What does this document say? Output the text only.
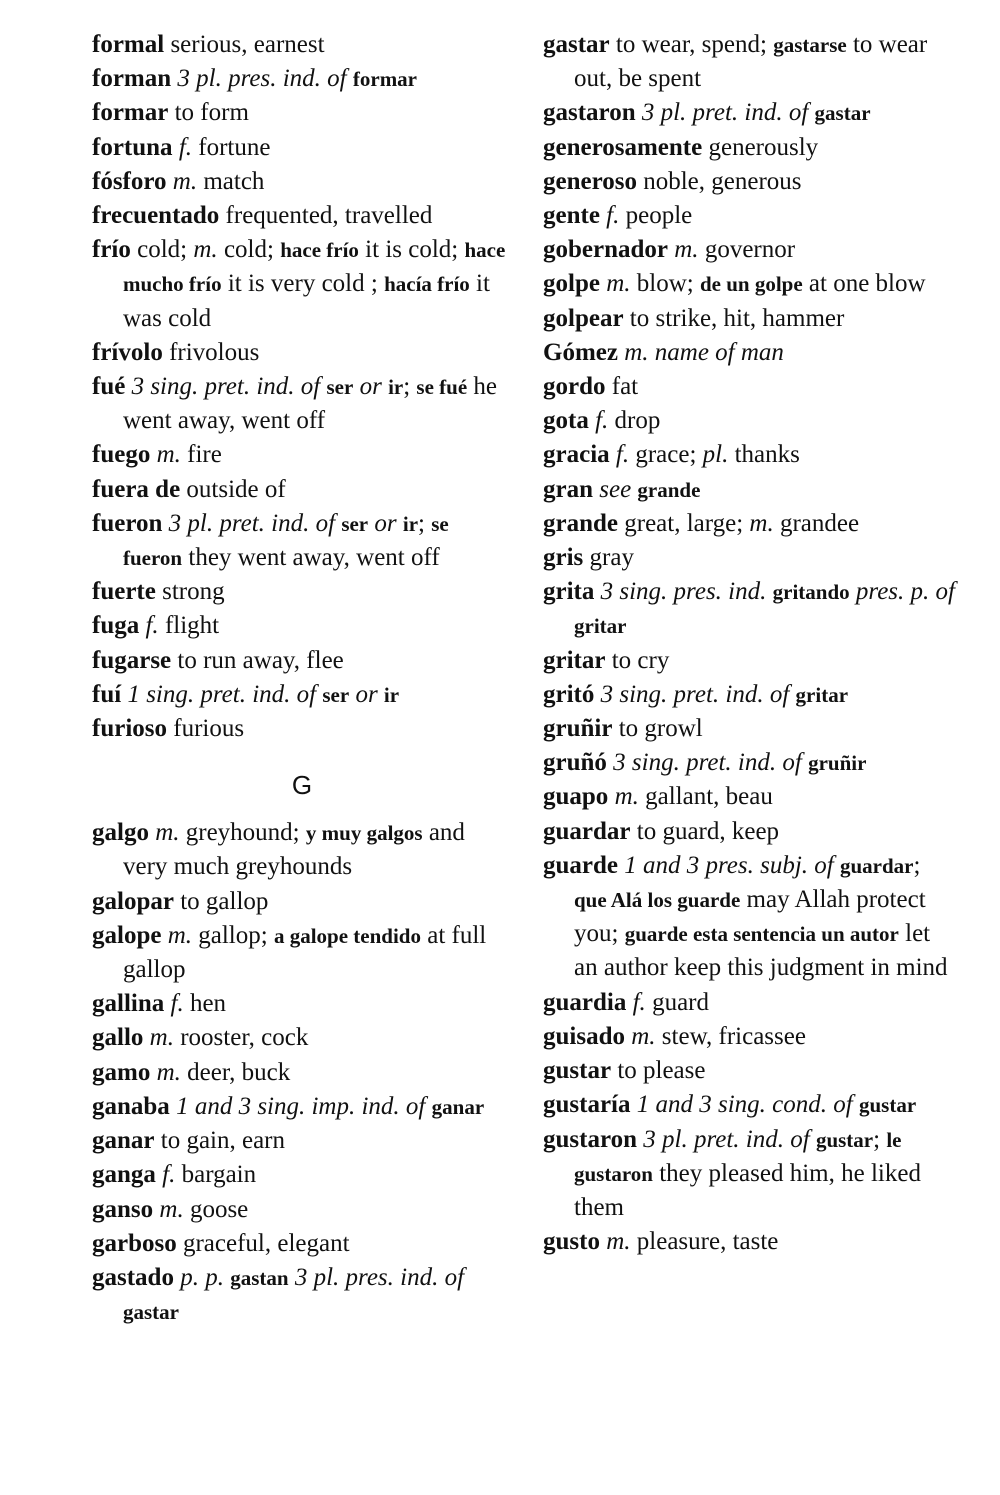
formal serious, earnest
forman 3 pl. pres. ind. of formar
formar to form
fortuna f. fortune
fósforo m. match
frecuentado frequented, travelled
frío cold; m. cold; hace frío it is cold; hace mucho frío it is very cold ; hacía frío it was cold
frívolo frivolous
fué 3 sing. pret. ind. of ser or ir; se fué he went away, went off
fuego m. fire
fuera de outside of
fueron 3 pl. pret. ind. of ser or ir; se fueron they went away, went off
fuerte strong
fuga f. flight
fugarse to run away, flee
fuí 1 sing. pret. ind. of ser or ir
furioso furious
G
galgo m. greyhound; y muy galgos and very much greyhounds
galopar to gallop
galope m. gallop; a galope tendido at full gallop
gallina f. hen
gallo m. rooster, cock
gamo m. deer, buck
ganaba 1 and 3 sing. imp. ind. of ganar
ganar to gain, earn
ganga f. bargain
ganso m. goose
garboso graceful, elegant
gastado p. p. gastan 3 pl. pres. ind. of gastar
gastar to wear, spend; gastarse to wear out, be spent
gastaron 3 pl. pret. ind. of gastar
generosamente generously
generoso noble, generous
gente f. people
gobernador m. governor
golpe m. blow; de un golpe at one blow
golpear to strike, hit, hammer
Gómez m. name of man
gordo fat
gota f. drop
gracia f. grace; pl. thanks
gran see grande
grande great, large; m. grandee
gris gray
grita 3 sing. pres. ind. gritando pres. p. of gritar
gritar to cry
gritó 3 sing. pret. ind. of gritar
gruñir to growl
gruñó 3 sing. pret. ind. of gruñir
guapo m. gallant, beau
guardar to guard, keep
guarde 1 and 3 pres. subj. of guardar; que Alá los guarde may Allah protect you; guarde esta sentencia un autor let an author keep this judgment in mind
guardia f. guard
guisado m. stew, fricassee
gustar to please
gustaría 1 and 3 sing. cond. of gustar
gustaron 3 pl. pret. ind. of gustar; le gustaron they pleased him, he liked them
gusto m. pleasure, taste
